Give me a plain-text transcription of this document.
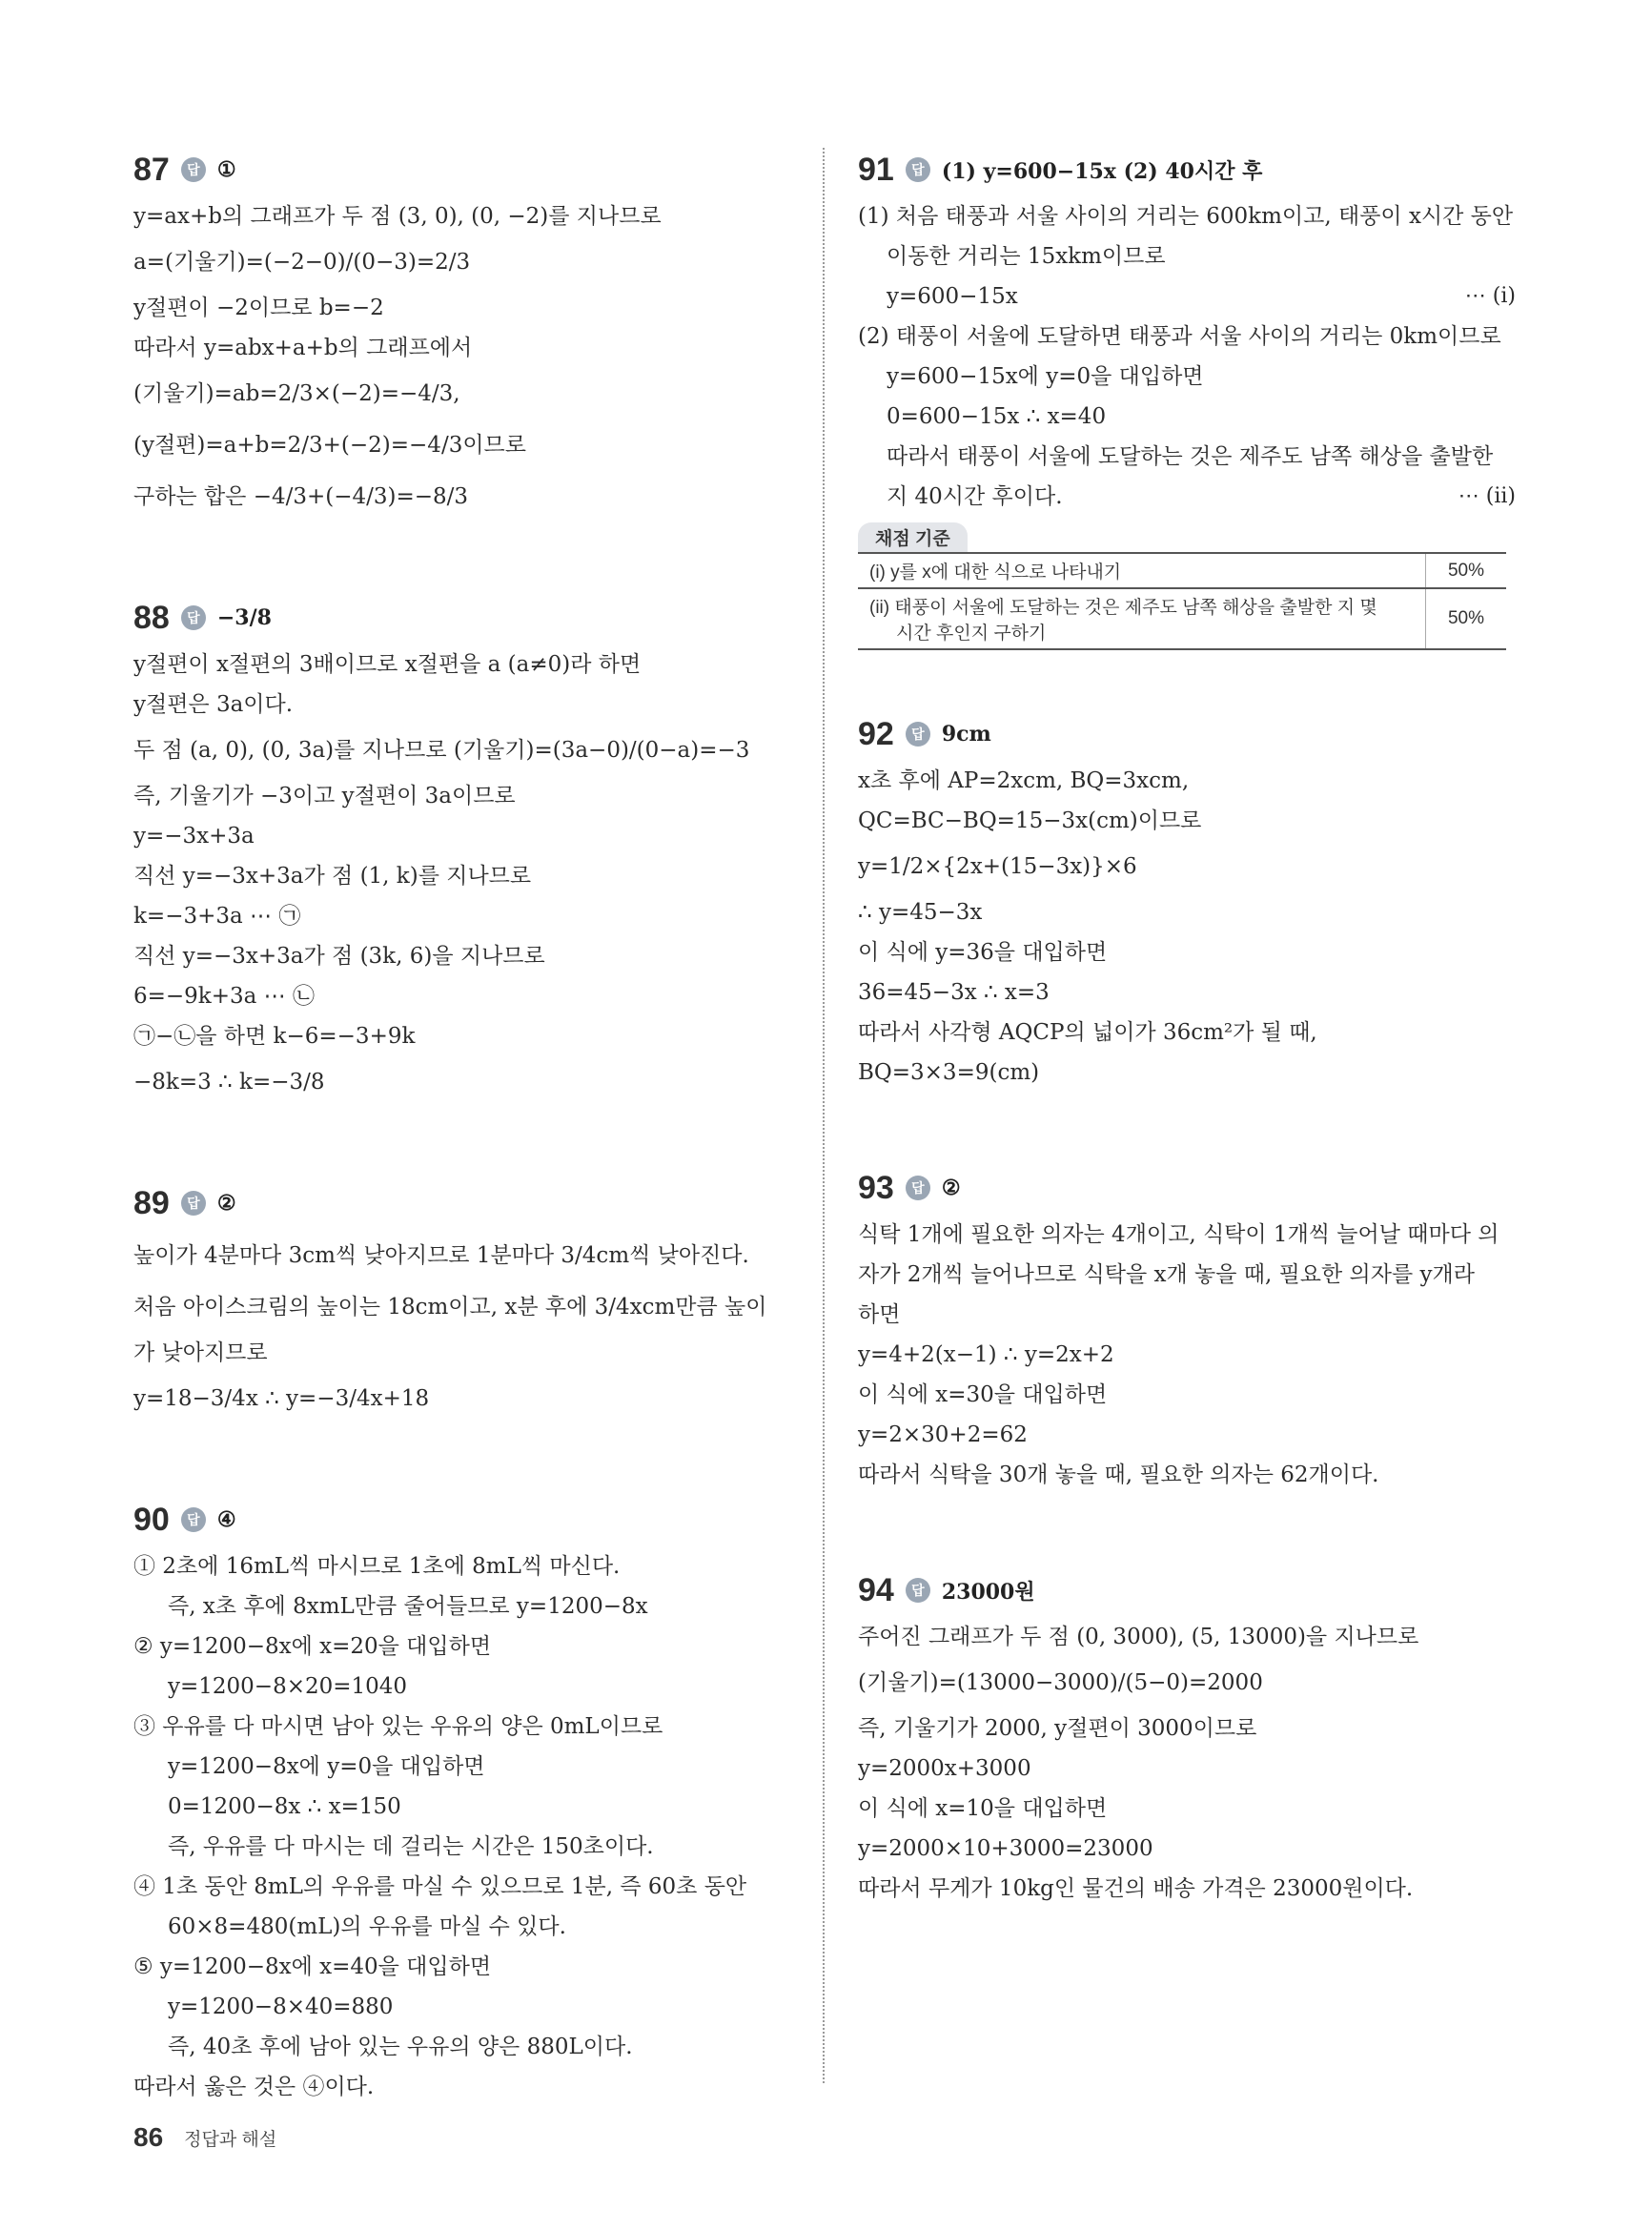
87	답 ①
y=ax+b의 그래프가 두 점 (3, 0), (0, −2)를 지나므로
a=(기울기)=(−2−0)/(0−3)=2/3
y절편이 −2이므로 b=−2
따라서 y=abx+a+b의 그래프에서
(기울기)=ab=2/3×(−2)=−4/3,
(y절편)=a+b=2/3+(−2)=−4/3이므로
구하는 합은 −4/3+(−4/3)=−8/3
88	답 −3/8
y절편이 x절편의 3배이므로 x절편을 a (a≠0)라 하면
y절편은 3a이다.
두 점 (a, 0), (0, 3a)를 지나므로 (기울기)=(3a−0)/(0−a)=−3
즉, 기울기가 −3이고 y절편이 3a이므로
y=−3x+3a
직선 y=−3x+3a가 점 (1, k)를 지나므로
k=−3+3a ⋯ ㉠
직선 y=−3x+3a가 점 (3k, 6)을 지나므로
6=−9k+3a ⋯ ㉡
㉠−㉡을 하면 k−6=−3+9k
−8k=3 ∴ k=−3/8
89	답 ②
높이가 4분마다 3cm씩 낮아지므로 1분마다 3/4cm씩 낮아진다.
처음 아이스크림의 높이는 18cm이고, x분 후에 3/4xcm만큼 높이
가 낮아지므로
y=18−3/4x ∴ y=−3/4x+18
90	답 ④
① 2초에 16mL씩 마시므로 1초에 8mL씩 마신다.
즉, x초 후에 8xmL만큼 줄어들므로 y=1200−8x
② y=1200−8x에 x=20을 대입하면
y=1200−8×20=1040
③ 우유를 다 마시면 남아 있는 우유의 양은 0mL이므로
y=1200−8x에 y=0을 대입하면
0=1200−8x ∴ x=150
즉, 우유를 다 마시는 데 걸리는 시간은 150초이다.
④ 1초 동안 8mL의 우유를 마실 수 있으므로 1분, 즉 60초 동안
60×8=480(mL)의 우유를 마실 수 있다.
⑤ y=1200−8x에 x=40을 대입하면
y=1200−8×40=880
즉, 40초 후에 남아 있는 우유의 양은 880L이다.
따라서 옳은 것은 ④이다.
91	답 (1) y=600−15x (2) 40시간 후
(1) 처음 태풍과 서울 사이의 거리는 600km이고, 태풍이 x시간 동안
이동한 거리는 15xkm이므로
y=600−15x	⋯ (i)
(2) 태풍이 서울에 도달하면 태풍과 서울 사이의 거리는 0km이므로
y=600−15x에 y=0을 대입하면
0=600−15x ∴ x=40
따라서 태풍이 서울에 도달하는 것은 제주도 남쪽 해상을 출발한
지 40시간 후이다.	⋯ (ii)
채점 기준
(i) y를 x에 대한 식으로 나타내기	50%

(ii) 태풍이 서울에 도달하는 것은 제주도 남쪽 해상을 출발한 지 몇
시간 후인지 구하기	50%
92	답 9cm
x초 후에 AP=2xcm, BQ=3xcm,
QC=BC−BQ=15−3x(cm)이므로
y=1/2×{2x+(15−3x)}×6
∴ y=45−3x
이 식에 y=36을 대입하면
36=45−3x ∴ x=3
따라서 사각형 AQCP의 넓이가 36cm²가 될 때,
BQ=3×3=9(cm)
93	답 ②
식탁 1개에 필요한 의자는 4개이고, 식탁이 1개씩 늘어날 때마다 의
자가 2개씩 늘어나므로 식탁을 x개 놓을 때, 필요한 의자를 y개라
하면
y=4+2(x−1) ∴ y=2x+2
이 식에 x=30을 대입하면
y=2×30+2=62
따라서 식탁을 30개 놓을 때, 필요한 의자는 62개이다.
94	답 23000원
주어진 그래프가 두 점 (0, 3000), (5, 13000)을 지나므로
(기울기)=(13000−3000)/(5−0)=2000
즉, 기울기가 2000, y절편이 3000이므로
y=2000x+3000
이 식에 x=10을 대입하면
y=2000×10+3000=23000
따라서 무게가 10kg인 물건의 배송 가격은 23000원이다.
86 정답과 해설
